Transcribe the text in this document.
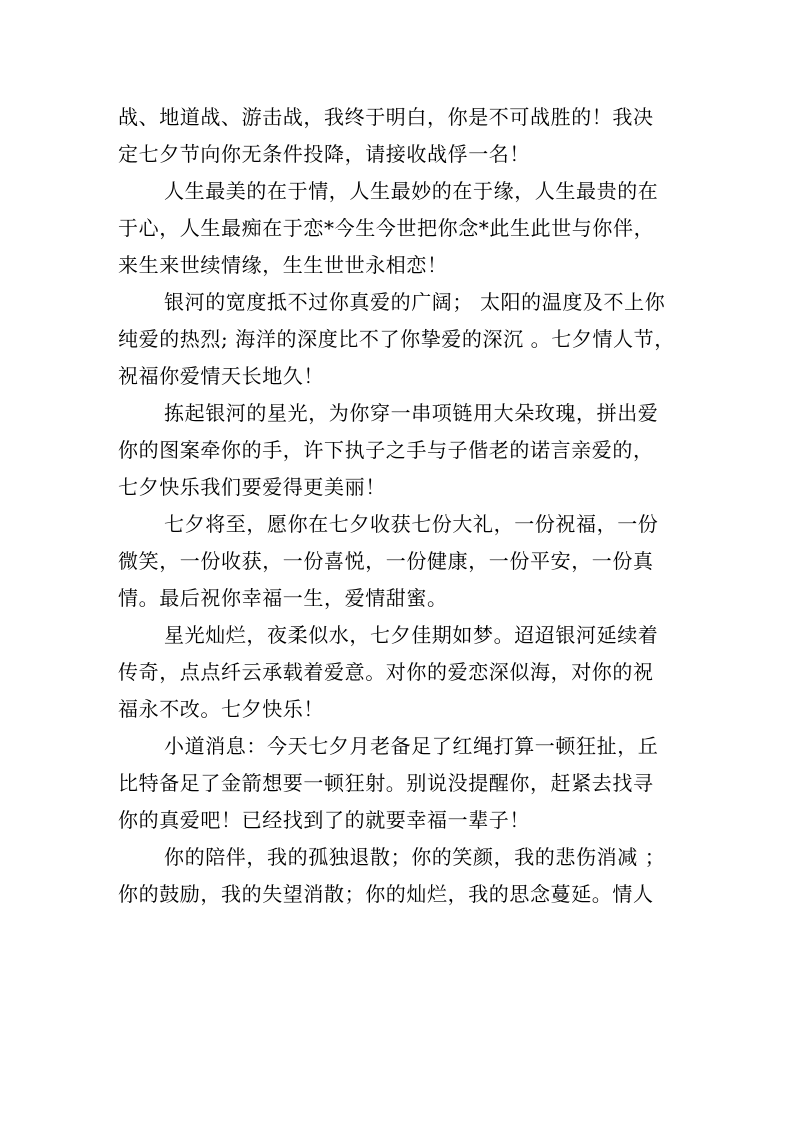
战、地道战、游击战，我终于明白，你是不可战胜的！我决
定七夕节向你无条件投降，请接收战俘一名！

人生最美的在于情，人生最妙的在于缘，人生最贵的在
于心，人生最痴在于恋*今生今世把你念*此生此世与你伴，
来生来世续情缘，生生世世永相恋！

银河的宽度抵不过你真爱的广阔； 太阳的温度及不上你
纯爱的热烈; 海洋的深度比不了你挚爱的深沉 。七夕情人节，
祝福你爱情天长地久！

拣起银河的星光，为你穿一串项链用大朵玫瑰，拼出爱
你的图案牵你的手，许下执子之手与子偕老的诺言亲爱的，
七夕快乐我们要爱得更美丽！

七夕将至，愿你在七夕收获七份大礼，一份祝福，一份
微笑，一份收获，一份喜悦，一份健康，一份平安，一份真
情。最后祝你幸福一生，爱情甜蜜。

星光灿烂，夜柔似水，七夕佳期如梦。迢迢银河延续着
传奇，点点纤云承载着爱意。对你的爱恋深似海，对你的祝
福永不改。七夕快乐！

小道消息：今天七夕月老备足了红绳打算一顿狂扯，丘
比特备足了金箭想要一顿狂射。别说没提醒你，赶紧去找寻
你的真爱吧！已经找到了的就要幸福一辈子！

你的陪伴，我的孤独退散；你的笑颜，我的悲伤消减 ；
你的鼓励，我的失望消散；你的灿烂，我的思念蔓延。情人
